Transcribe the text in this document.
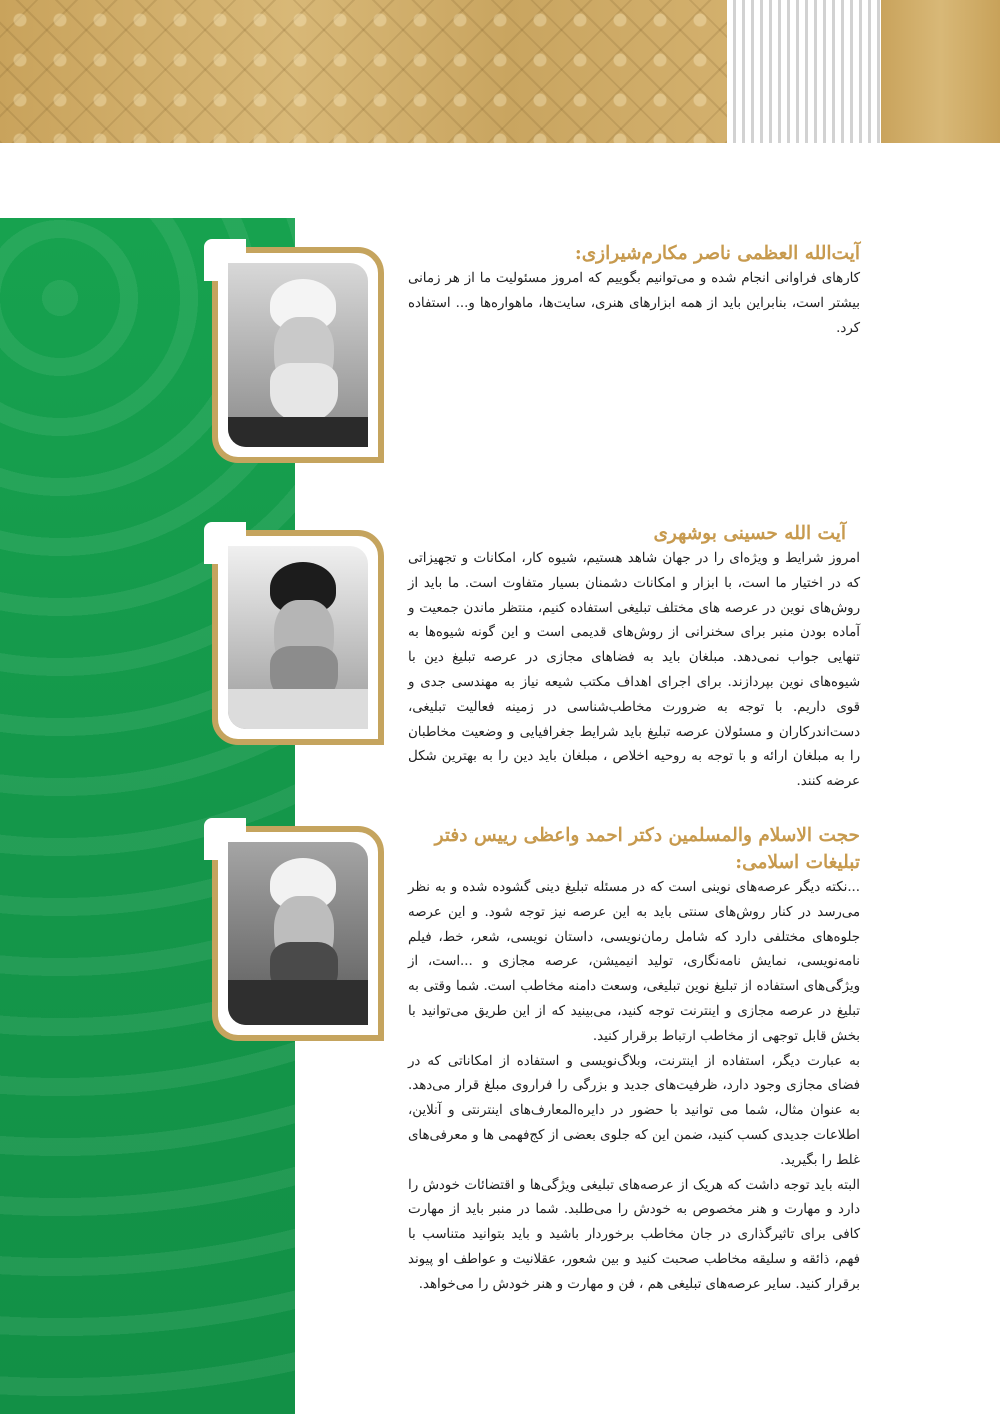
آیت‌الله العظمی ناصر مکارم‌شیرازی:

کارهای فراوانی انجام شده و می‌توانیم بگوییم که امروز مسئولیت ما از هر زمانی بیشتر است، بنابراین باید از همه ابزارهای هنری، سایت‌ها، ماهواره‌ها و... استفاده کرد.

آیت الله حسینی بوشهری

امروز شرایط و ویژه‌ای را در جهان شاهد هستیم، شیوه کار، امکانات و تجهیزاتی که در اختیار ما است، با ابزار و امکانات دشمنان بسیار متفاوت است. ما باید از روش‌های نوین در عرصه های مختلف تبلیغی استفاده کنیم، منتظر ماندن جمعیت و آماده بودن منبر برای سخنرانی از روش‌های قدیمی است و این گونه شیوه‌ها به تنهایی جواب نمی‌دهد. مبلغان باید به فضاهای مجازی در عرصه تبلیغ دین با شیوه‌های نوین بپردازند. برای اجرای اهداف مکتب شیعه نیاز به مهندسی جدی و قوی داریم. با توجه به ضرورت مخاطب‌شناسی در زمینه فعالیت تبلیغی، دست‌اندرکاران و مسئولان عرصه تبلیغ باید شرایط جغرافیایی و وضعیت مخاطبان را به مبلغان ارائه و با توجه به روحیه اخلاص ، مبلغان باید دین را به بهترین شکل عرضه کنند.

حجت الاسلام والمسلمین دکتر احمد واعظی رییس دفتر تبلیغات اسلامی:

...نکته دیگر عرصه‌های نوینی است که در مسئله تبلیغ دینی گشوده شده و به نظر می‌رسد در کنار روش‌های سنتی باید به این عرصه نیز توجه شود. و این عرصه جلوه‌های مختلفی دارد که شامل رمان‌نویسی، داستان نویسی، شعر، خط، فیلم نامه‌نویسی، نمایش نامه‌نگاری، تولید انیمیشن، عرصه مجازی و ...است، از ویژگی‌های استفاده از تبلیغ نوین تبلیغی، وسعت دامنه مخاطب است. شما وقتی به تبلیغ در عرصه مجازی و اینترنت توجه کنید، می‌بینید که از این طریق می‌توانید با بخش قابل توجهی از مخاطب ارتباط برقرار کنید.

به عبارت دیگر، استفاده از اینترنت، وبلاگ‌نویسی و استفاده از امکاناتی که در فضای مجازی وجود دارد، ظرفیت‌های جدید و بزرگی را فراروی مبلغ قرار می‌دهد. به عنوان مثال، شما می توانید با حضور در دایره‌المعارف‌های اینترنتی و آنلاین، اطلاعات جدیدی کسب کنید، ضمن این که جلوی بعضی از کج‌فهمی ها و معرفی‌های غلط را بگیرید.

البته باید توجه داشت که هریک از عرصه‌های تبلیغی ویژگی‌ها و اقتضائات خودش را دارد و مهارت و هنر مخصوص به خودش را می‌طلبد. شما در منبر باید از مهارت کافی برای تاثیرگذاری در جان مخاطب برخوردار باشید و باید بتوانید متناسب با فهم، ذائقه و سلیقه مخاطب صحبت کنید و بین شعور، عقلانیت و عواطف او پیوند برقرار کنید. سایر عرصه‌های تبلیغی هم ، فن و مهارت و هنر خودش را می‌خواهد.
